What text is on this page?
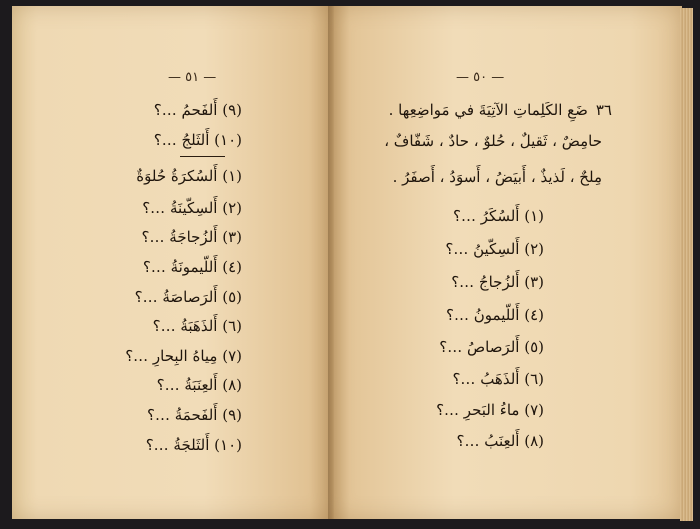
— ٥١ —
(٩) أَلفَحمُ …؟
(١٠) أَلثَلجُ …؟
(١) أَلسُكرَةُ حُلوَةٌ
(٢) أَلسِكّينَةُ …؟
(٣) أَلزُجاجَةُ …؟
(٤) أَللّيمونَةُ …؟
(٥) أَلرَصاصَةُ …؟
(٦) أَلذَهَبَةُ …؟
(٧) مِياهُ البِحارِ …؟
(٨) أَلعِنَبَةُ …؟
(٩) أَلفَحمَةُ …؟
(١٠) أَلثَلجَةُ …؟
— ٥٠ —
٣٦ضَعِ الكَلِماتِ الآتِيَةَ في مَواضِعِها .
حامِضٌ ، ثَقيلٌ ، حُلوٌ ، حادٌ ، شَفّافٌ ،
مِلحٌ ، لَذيذٌ ، أَبيَضُ ، أَسوَدُ ، أَصفَرُ .
(١) أَلسُكَرُ …؟
(٢) أَلسِكّينُ …؟
(٣) أَلزُجاجُ …؟
(٤) أَللّيمونُ …؟
(٥) أَلرَصاصُ …؟
(٦) أَلذَهَبُ …؟
(٧) ماءُ البَحرِ …؟
(٨) أَلعِنَبُ …؟
